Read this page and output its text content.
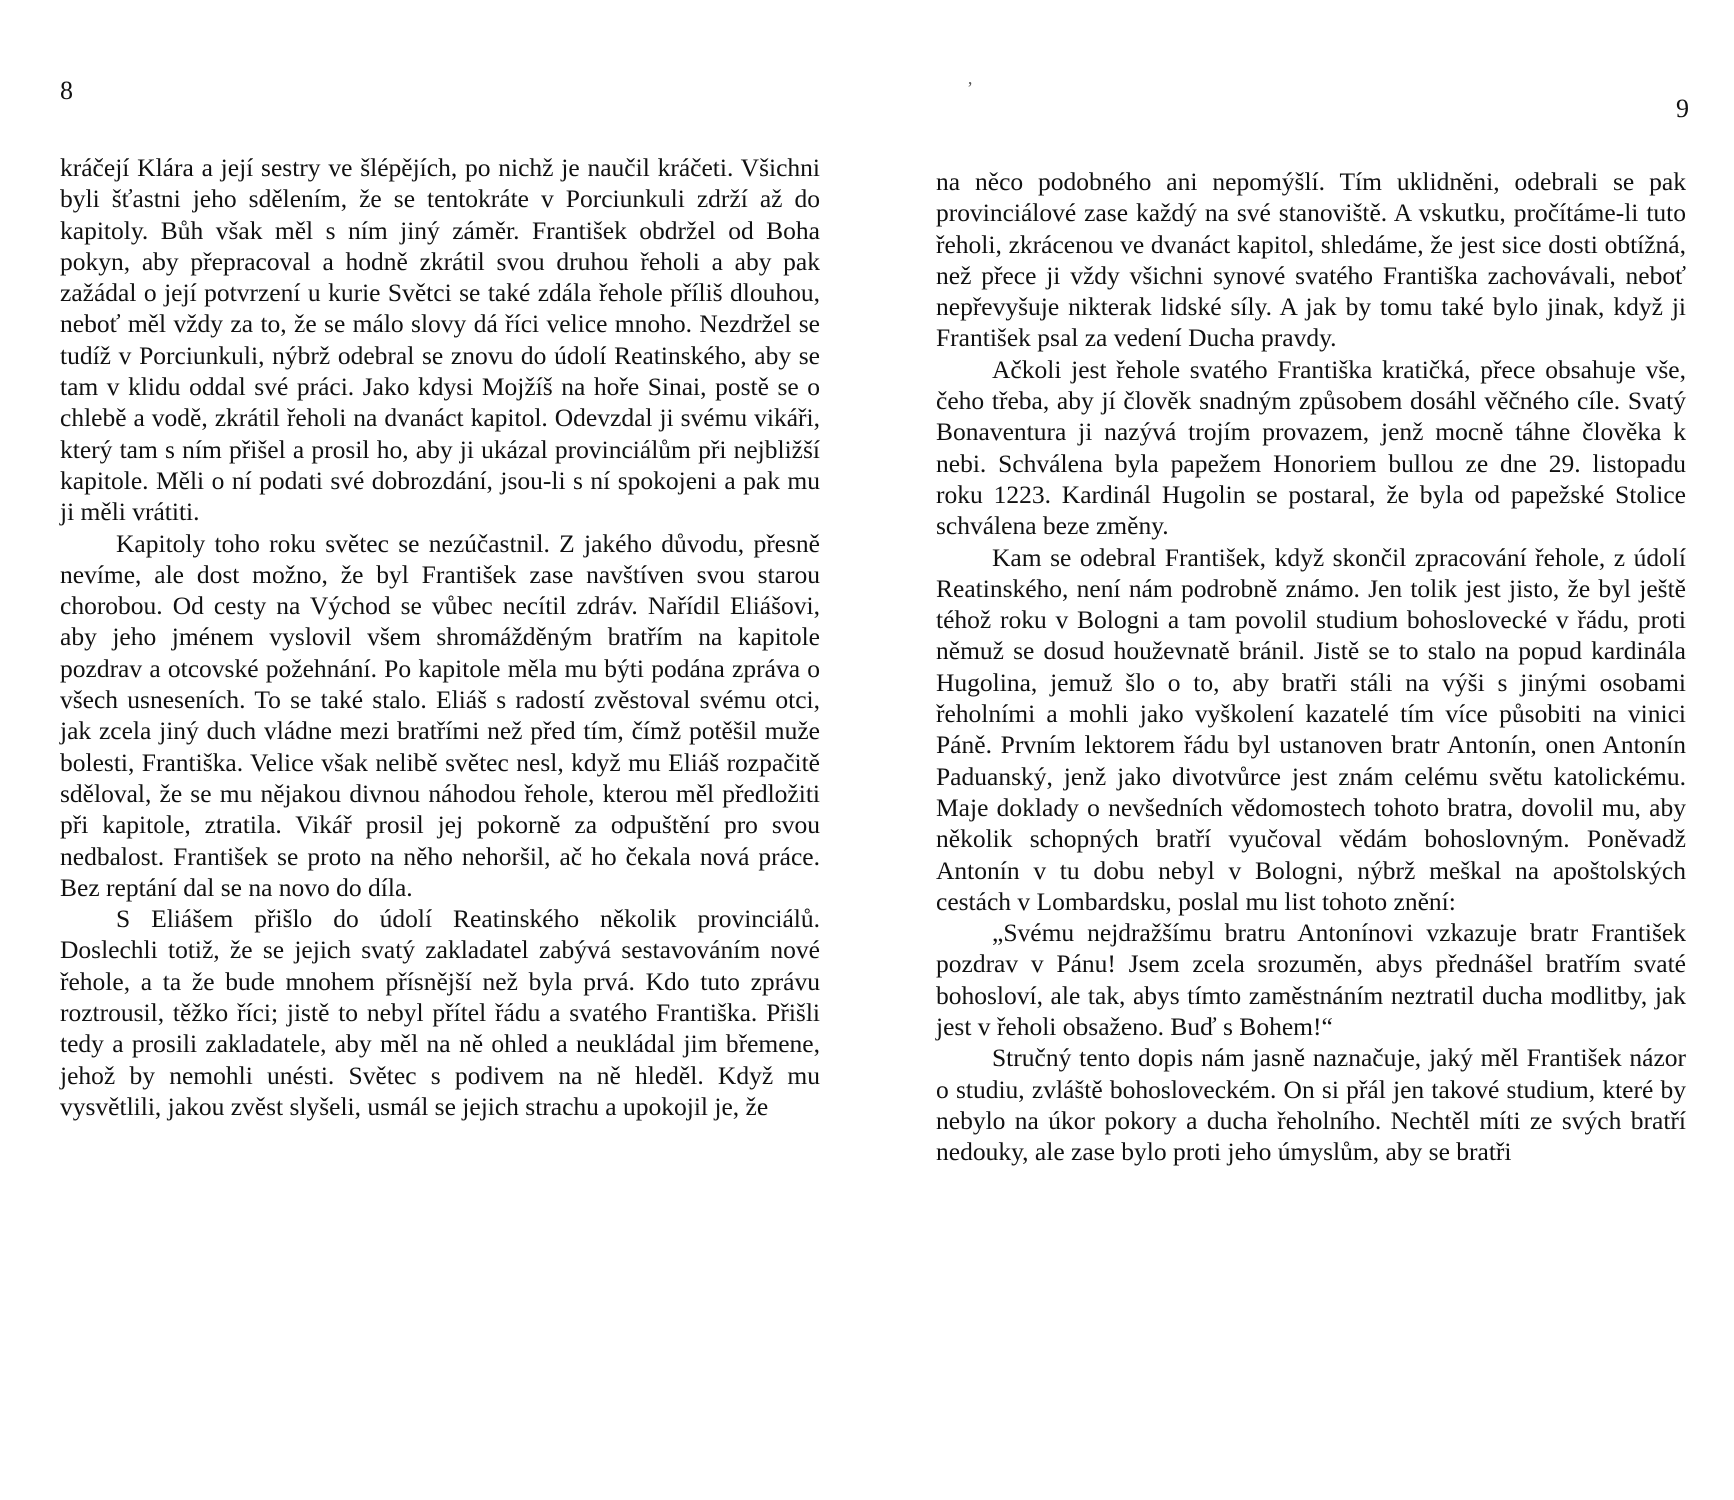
8	ʼ
9

kráčejí Klára a její sestry ve šlépějích, po nichž je naučil kráčeti. Všichni byli šťastni jeho sdělením, že se tentokráte v Porciunkuli zdrží až do kapitoly. Bůh však měl s ním jiný záměr. František obdržel od Boha pokyn, aby přepracoval a hodně zkrátil svou druhou řeholi a aby pak zažádal o její potvrzení u kurie Světci se také zdála řehole příliš dlouhou, neboť měl vždy za to, že se málo slovy dá říci velice mnoho. Nezdržel se tudíž v Porciunkuli, nýbrž odebral se znovu do údolí Reatinského, aby se tam v klidu oddal své práci. Jako kdysi Mojžíš na hoře Sinai, postě se o chlebě a vodě, zkrátil řeholi na dvanáct kapitol. Odevzdal ji svému vikáři, který tam s ním přišel a prosil ho, aby ji ukázal provinciálům při nejbližší kapitole. Měli o ní podati své dobrozdání, jsou-li s ní spokojeni a pak mu ji měli vrátiti.

Kapitoly toho roku světec se nezúčastnil. Z jakého důvodu, přesně nevíme, ale dost možno, že byl František zase navštíven svou starou chorobou. Od cesty na Východ se vůbec necítil zdráv. Nařídil Eliášovi, aby jeho jménem vyslovil všem shromážděným bratřím na kapitole pozdrav a otcovské požehnání. Po kapitole měla mu býti podána zpráva o všech usneseních. To se také stalo. Eliáš s radostí zvěstoval svému otci, jak zcela jiný duch vládne mezi bratřími než před tím, čímž potěšil muže bolesti, Františka. Velice však nelibě světec nesl, když mu Eliáš rozpačitě sděloval, že se mu nějakou divnou náhodou řehole, kterou měl předložiti při kapitole, ztratila. Vikář prosil jej pokorně za odpuštění pro svou nedbalost. František se proto na něho nehoršil, ač ho čekala nová práce. Bez reptání dal se na novo do díla.

S Eliášem přišlo do údolí Reatinského několik provinciálů. Doslechli totiž, že se jejich svatý zakladatel zabývá sestavováním nové řehole, a ta že bude mnohem přísnější než byla prvá. Kdo tuto zprávu roztrousil, těžko říci; jistě to nebyl přítel řádu a svatého Františka. Přišli tedy a prosili zakladatele, aby měl na ně ohled a neukládal jim břemene, jehož by nemohli unésti. Světec s podivem na ně hleděl. Když mu vysvětlili, jakou zvěst slyšeli, usmál se jejich strachu a upokojil je, že

na něco podobného ani nepomýšlí. Tím uklidněni, odebrali se pak provinciálové zase každý na své stanoviště. A vskutku, pročítáme-li tuto řeholi, zkrácenou ve dvanáct kapitol, shledáme, že jest sice dosti obtížná, než přece ji vždy všichni synové svatého Františka zachovávali, neboť nepřevyšuje nikterak lidské síly. A jak by tomu také bylo jinak, když ji František psal za vedení Ducha pravdy.

Ačkoli jest řehole svatého Františka kratičká, přece obsahuje vše, čeho třeba, aby jí člověk snadným způsobem dosáhl věčného cíle. Svatý Bonaventura ji nazývá trojím provazem, jenž mocně táhne člověka k nebi. Schválena byla papežem Honoriem bullou ze dne 29. listopadu roku 1223. Kardinál Hugolin se postaral, že byla od papežské Stolice schválena beze změny.

Kam se odebral František, když skončil zpracování řehole, z údolí Reatinského, není nám podrobně známo. Jen tolik jest jisto, že byl ještě téhož roku v Bologni a tam povolil studium bohoslovecké v řádu, proti němuž se dosud houževnatě bránil. Jistě se to stalo na popud kardinála Hugolina, jemuž šlo o to, aby bratři stáli na výši s jinými osobami řeholními a mohli jako vyškolení kazatelé tím více působiti na vinici Páně. Prvním lektorem řádu byl ustanoven bratr Antonín, onen Antonín Paduanský, jenž jako divotvůrce jest znám celému světu katolickému. Maje doklady o nevšedních vědomostech tohoto bratra, dovolil mu, aby několik schopných bratří vyučoval vědám bohoslovným. Poněvadž Antonín v tu dobu nebyl v Bologni, nýbrž meškal na apoštolských cestách v Lombardsku, poslal mu list tohoto znění:

„Svému nejdražšímu bratru Antonínovi vzkazuje bratr František pozdrav v Pánu! Jsem zcela srozuměn, abys přednášel bratřím svaté bohosloví, ale tak, abys tímto zaměstnáním neztratil ducha modlitby, jak jest v řeholi obsaženo. Buď s Bohem!“

Stručný tento dopis nám jasně naznačuje, jaký měl František názor o studiu, zvláště bohosloveckém. On si přál jen takové studium, které by nebylo na úkor pokory a ducha řeholního. Nechtěl míti ze svých bratří nedouky, ale zase bylo proti jeho úmyslům, aby se bratři
